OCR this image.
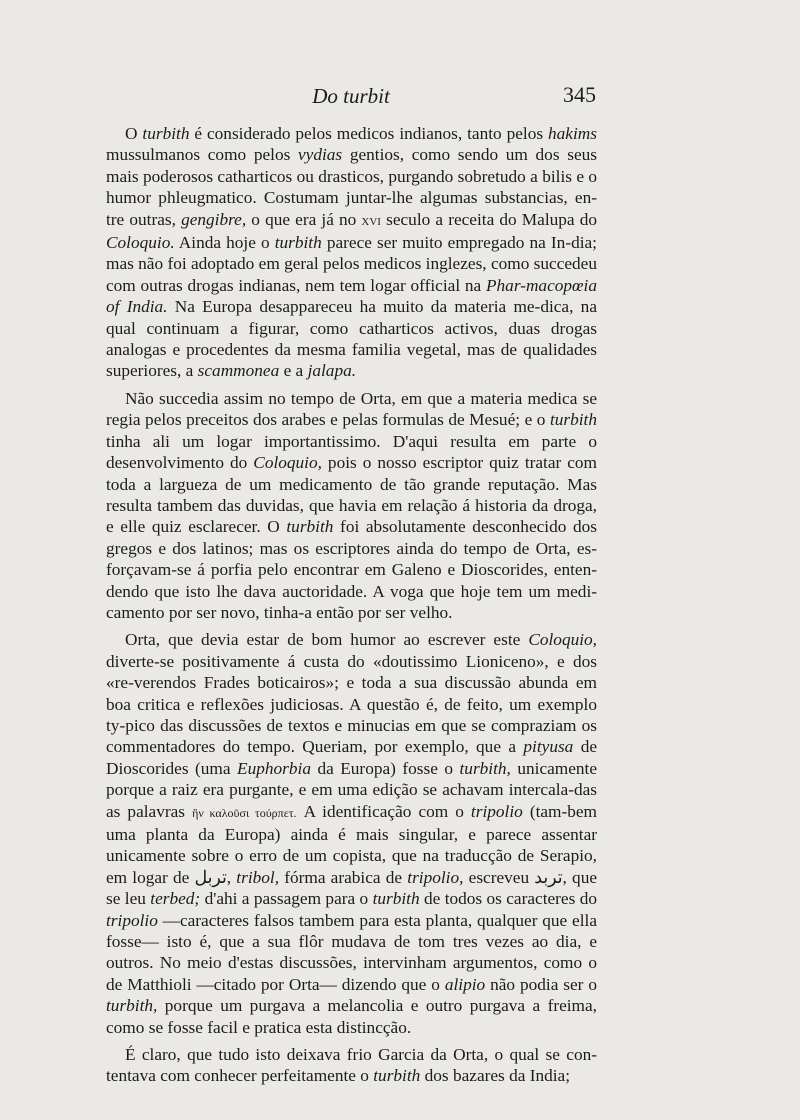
Do turbit	345

O turbith é considerado pelos medicos indianos, tanto pelos hakims mussulmanos como pelos vydias gentios, como sendo um dos seus mais poderosos catharticos ou drasticos, purgando sobretudo a bilis e o humor phleugmatico. Costumam juntar-lhe algumas substancias, en-tre outras, gengibre, o que era já no xvi seculo a receita do Malupa do Coloquio. Ainda hoje o turbith parece ser muito empregado na In-dia; mas não foi adoptado em geral pelos medicos inglezes, como succedeu com outras drogas indianas, nem tem logar official na Phar-macopœia of India. Na Europa desappareceu ha muito da materia me-dica, na qual continuam a figurar, como catharticos activos, duas drogas analogas e procedentes da mesma familia vegetal, mas de qualidades superiores, a scammonea e a jalapa.

Não succedia assim no tempo de Orta, em que a materia medica se regia pelos preceitos dos arabes e pelas formulas de Mesué; e o turbith tinha ali um logar importantissimo. D'aqui resulta em parte o desenvolvimento do Coloquio, pois o nosso escriptor quiz tratar com toda a largueza de um medicamento de tão grande reputação. Mas resulta tambem das duvidas, que havia em relação á historia da droga, e elle quiz esclarecer. O turbith foi absolutamente desconhecido dos gregos e dos latinos; mas os escriptores ainda do tempo de Orta, es-forçavam-se á porfia pelo encontrar em Galeno e Dioscorides, enten-dendo que isto lhe dava auctoridade. A voga que hoje tem um medi-camento por ser novo, tinha-a então por ser velho.

Orta, que devia estar de bom humor ao escrever este Coloquio, diverte-se positivamente á custa do «doutissimo Lioniceno», e dos «re-verendos Frades boticairos»; e toda a sua discussão abunda em boa critica e reflexões judiciosas. A questão é, de feito, um exemplo ty-pico das discussões de textos e minucias em que se compraziam os commentadores do tempo. Queriam, por exemplo, que a pityusa de Dioscorides (uma Euphorbia da Europa) fosse o turbith, unicamente porque a raiz era purgante, e em uma edição se achavam intercala-das as palavras ἣν καλοῦσι τούρπετ. A identificação com o tripolio (tam-bem uma planta da Europa) ainda é mais singular, e parece assentar unicamente sobre o erro de um copista, que na traducção de Serapio, em logar de تربل, tribol, fórma arabica de tripolio, escreveu تربد, que se leu terbed; d'ahi a passagem para o turbith de todos os caracteres do tripolio —caracteres falsos tambem para esta planta, qualquer que ella fosse— isto é, que a sua flôr mudava de tom tres vezes ao dia, e outros. No meio d'estas discussões, intervinham argumentos, como o de Matthioli —citado por Orta— dizendo que o alipio não podia ser o turbith, porque um purgava a melancolia e outro purgava a freima, como se fosse facil e pratica esta distincção.

É claro, que tudo isto deixava frio Garcia da Orta, o qual se con-tentava com conhecer perfeitamente o turbith dos bazares da India;
